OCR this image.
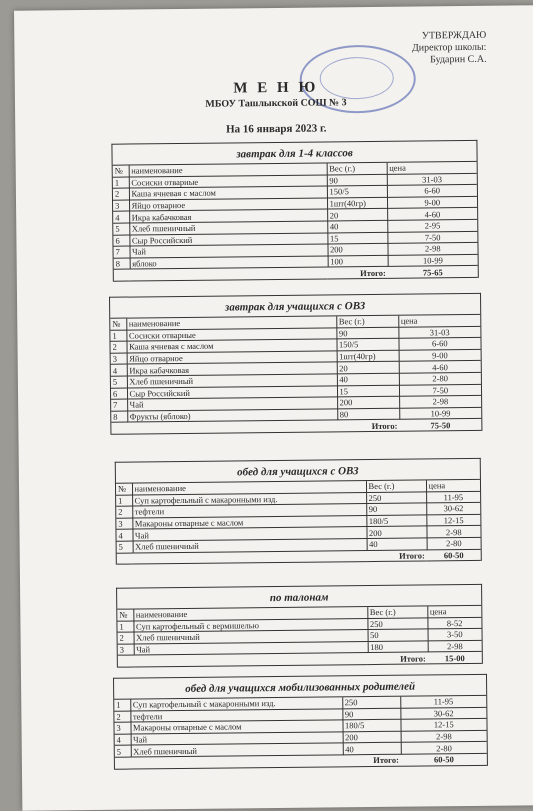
УТВЕРЖДАЮ
Директор школы:
Бударин С.А.
М Е Н Ю
МБОУ Ташлыкской СОШ № 3
На 16 января 2023 г.
завтрак для 1-4 классов
№	наименование	Вес (г.)	цена
1	Сосиски отварные	90	31-03
2	Каша ячневая с маслом	150/5	6-60
3	Яйцо отварное	1шт(40гр)	9-00
4	Икра кабачковая	20	4-60
5	Хлеб пшеничный	40	2-95
6	Сыр Российский	15	7-50
7	Чай	200	2-98
8	яблоко	100	10-99
Итого:			75-65
завтрак для учащихся с ОВЗ
№	наименование	Вес (г.)	цена
1	Сосиски отварные	90	31-03
2	Каша ячневая с маслом	150/5	6-60
3	Яйцо отварное	1шт(40гр)	9-00
4	Икра кабачковая	20	4-60
5	Хлеб пшеничный	40	2-80
6	Сыр Российский	15	7-50
7	Чай	200	2-98
8	Фрукты (яблоко)	80	10-99
Итого:			75-50
обед для учащихся с ОВЗ
№	наименование	Вес (г.)	цена
1	Суп картофельный с макаронными изд.	250	11-95
2	тефтели	90	30-62
3	Макароны отварные с маслом	180/5	12-15
4	Чай	200	2-98
5	Хлеб пшеничный	40	2-80
Итого:			60-50
по талонам
№	наименование	Вес (г.)	цена
1	Суп картофельный с вермишелью	250	8-52
2	Хлеб пшеничный	50	3-50
3	Чай	180	2-98
Итого:			15-00
обед для учащихся мобилизованных родителей
1	Суп картофельный с макаронными изд.	250	11-95
2	тефтели	90	30-62
3	Макароны отварные с маслом	180/5	12-15
4	Чай	200	2-98
5	Хлеб пшеничный	40	2-80
Итого:			60-50
